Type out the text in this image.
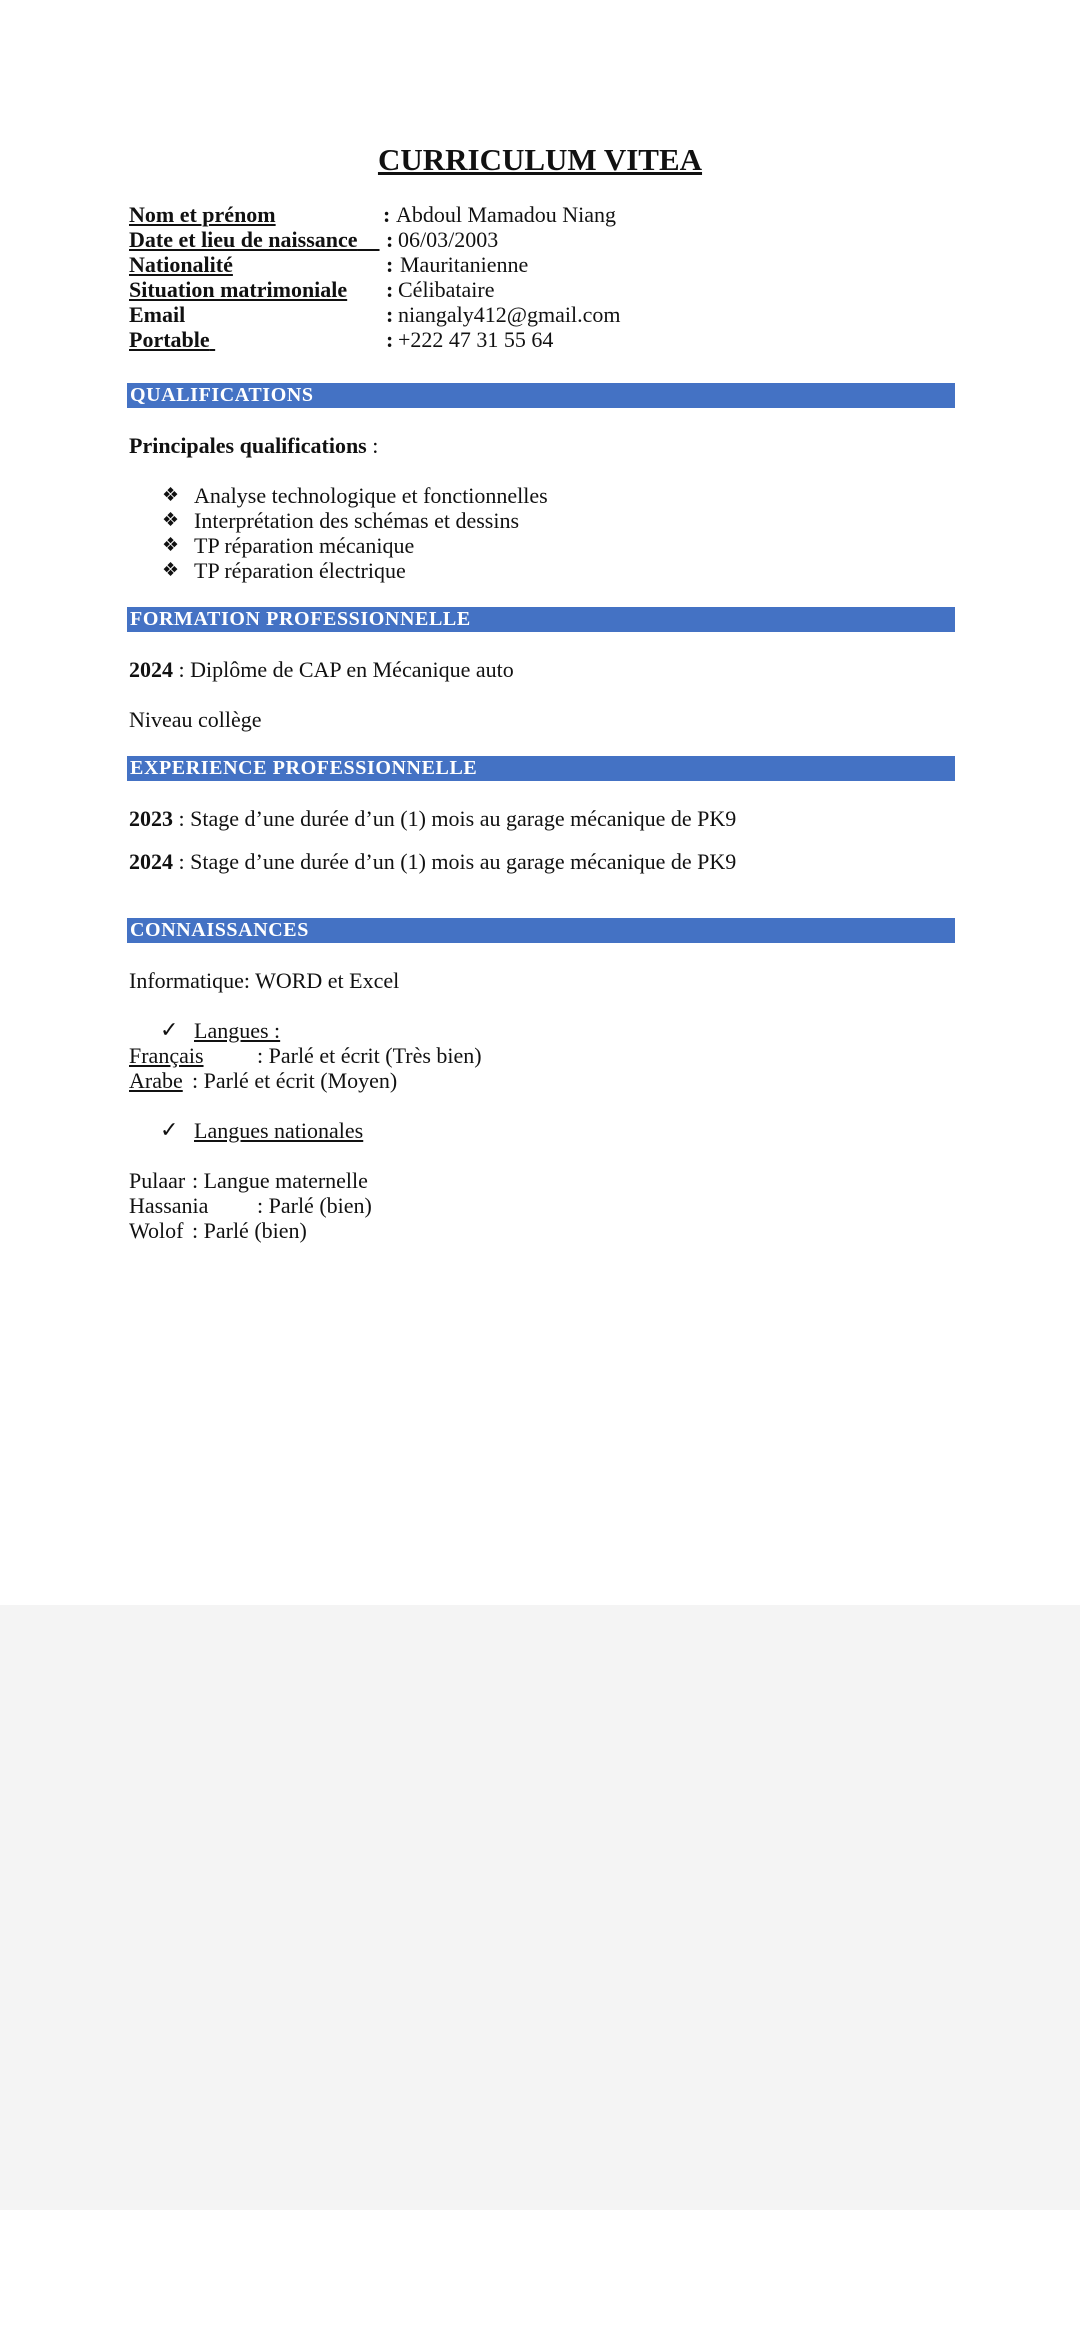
CURRICULUM VITEA
Nom et prénom	: Abdoul Mamadou Niang
Date et lieu de naissance	: 06/03/2003
Nationalité	: Mauritanienne
Situation matrimoniale : Célibataire
Email	: niangaly412@gmail.com
Portable	: +222 47 31 55 64
QUALIFICATIONS
Principales qualifications :
❖ Analyse technologique et fonctionnelles
❖ Interprétation des schémas et dessins
❖ TP réparation mécanique
❖ TP réparation électrique
FORMATION PROFESSIONNELLE
2024 : Diplôme de CAP en Mécanique auto
Niveau collège
EXPERIENCE PROFESSIONNELLE
2023 : Stage d’une durée d’un (1) mois au garage mécanique de PK9
2024 : Stage d’une durée d’un (1) mois au garage mécanique de PK9
CONNAISSANCES
Informatique: WORD et Excel
✓ Langues :
Français : Parlé et écrit (Très bien)
Arabe : Parlé et écrit (Moyen)
✓ Langues nationales
Pulaar : Langue maternelle
Hassania : Parlé (bien)
Wolof : Parlé (bien)
